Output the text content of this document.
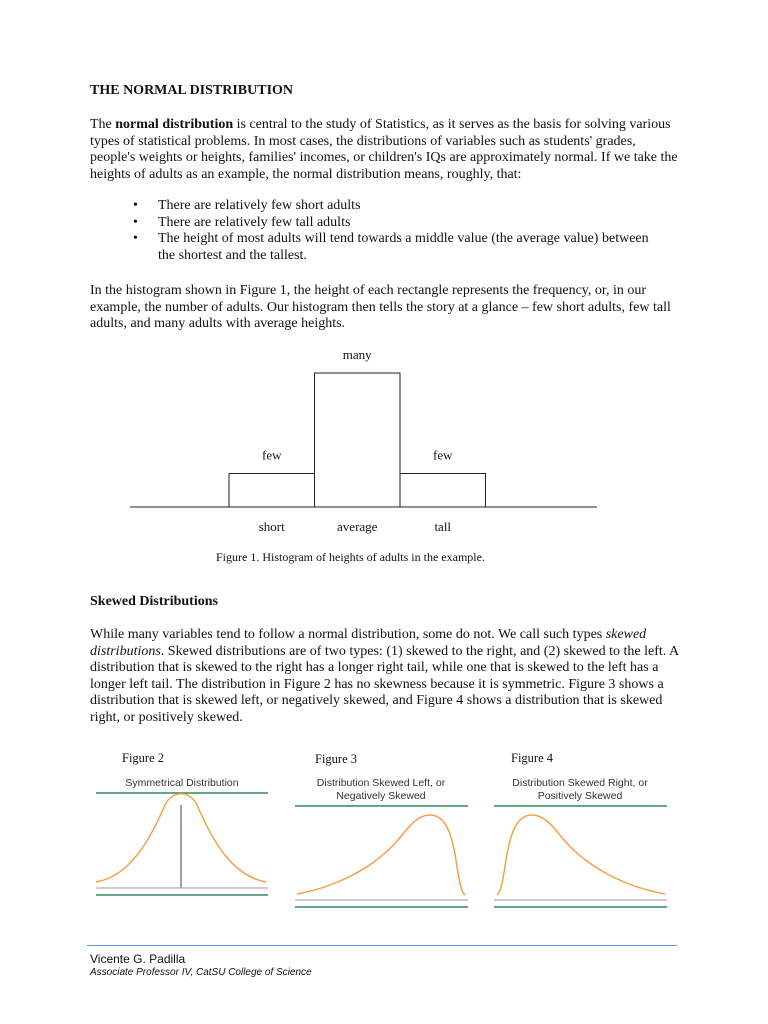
THE NORMAL DISTRIBUTION

The normal distribution is central to the study of Statistics, as it serves as the basis for solving various types of statistical problems. In most cases, the distributions of variables such as students' grades, people's weights or heights, families' incomes, or children's IQs are approximately normal. If we take the heights of adults as an example, the normal distribution means, roughly, that:

• There are relatively few short adults
• There are relatively few tall adults
• The height of most adults will tend towards a middle value (the average value) between the shortest and the tallest.

In the histogram shown in Figure 1, the height of each rectangle represents the frequency, or, in our example, the number of adults. Our histogram then tells the story at a glance – few short adults, few tall adults, and many adults with average heights.

few
short
many
average
few
tall
Figure 1. Histogram of heights of adults in the example.
Skewed Distributions

While many variables tend to follow a normal distribution, some do not. We call such types skewed distributions. Skewed distributions are of two types: (1) skewed to the right, and (2) skewed to the left. A distribution that is skewed to the right has a longer right tail, while one that is skewed to the left has a longer left tail. The distribution in Figure 2 has no skewness because it is symmetric. Figure 3 shows a distribution that is skewed left, or negatively skewed, and Figure 4 shows a distribution that is skewed right, or positively skewed.

Figure 2	Figure 3	Figure 4
Symmetrical Distribution	Distribution Skewed Left, or
Negatively Skewed
Distribution Skewed Right, or
Positively Skewed
Vicente G. Padilla
Associate Professor IV, CatSU College of Science
